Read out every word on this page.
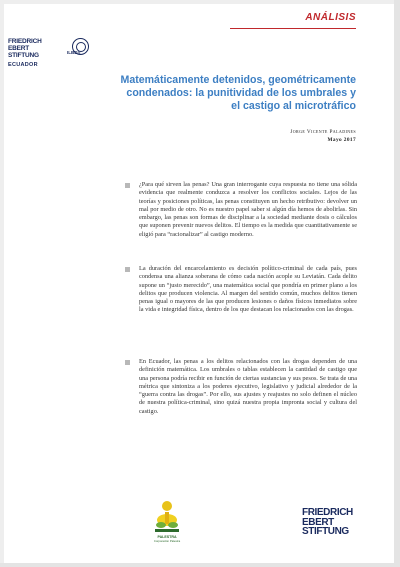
ANÁLISIS
FRIEDRICH
EBERT
STIFTUNG
ECUADOR
ILBDS
Matemáticamente detenidos, geométricamente condenados: la punitividad de los umbrales y el castigo al microtráfico
Jorge Vicente Paladines
Mayo 2017
¿Para qué sirven las penas? Una gran interrogante cuya respuesta no tiene una sólida evidencia que realmente conduzca a resolver los conflictos sociales. Lejos de las teorías y posiciones políticas, las penas constituyen un hecho retributivo: devolver un mal por medio de otro. No es nuestro papel saber si algún día hemos de abolirlas. Sin embargo, las penas son formas de disciplinar a la sociedad mediante dosis o cálculos que suponen prevenir nuevos delitos. El tiempo es la medida que cuantitativamente se eligió para “racionalizar” al castigo moderno.
La duración del encarcelamiento es decisión político-criminal de cada país, pues condensa una alianza soberana de cómo cada nación acople su Leviatán. Cada delito supone un “justo merecido”, una matemática social que pondría en primer plano a los delitos que producen violencia. Al margen del sentido común, muchos delitos tienen penas igual o mayores de las que producen lesiones o daños físicos inmediatos sobre la vida e integridad física, dentro de los que destacan los relacionados con las drogas.
En Ecuador, las penas a los delitos relacionados con las drogas dependen de una definición matemática. Los umbrales o tablas establecen la cantidad de castigo que una persona podría recibir en función de ciertas sustancias y sus pesos. Se trata de una métrica que sintoniza a los poderes ejecutivo, legislativo y judicial alrededor de la “guerra contra las drogas”. Por ello, sus ajustes y reajustes no solo definen el núcleo de nuestra política-criminal, sino quizá nuestra propia impronta social y cultura del castigo.
PALESTRA
Corporación Palestra
FRIEDRICH
EBERT
STIFTUNG
